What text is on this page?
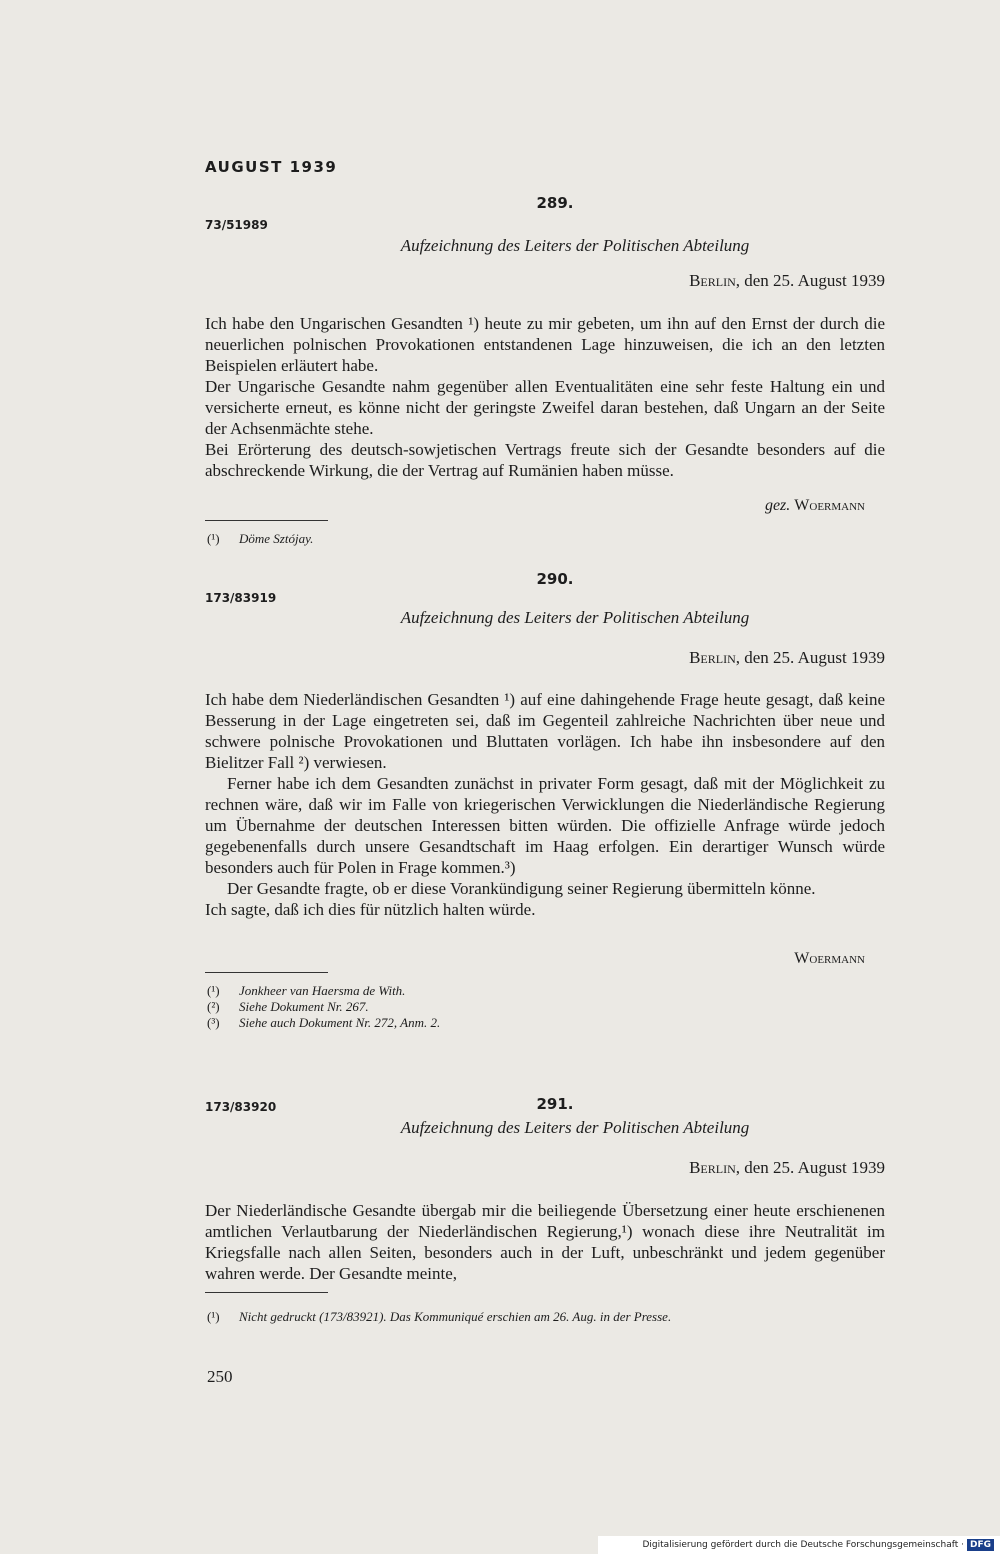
AUGUST 1939
289.
73/51989
Aufzeichnung des Leiters der Politischen Abteilung
Berlin, den 25. August 1939

Ich habe den Ungarischen Gesandten ¹) heute zu mir gebeten, um ihn auf den Ernst der durch die neuerlichen polnischen Provokationen entstandenen Lage hinzuweisen, die ich an den letzten Beispielen erläutert habe.

Der Ungarische Gesandte nahm gegenüber allen Eventualitäten eine sehr feste Haltung ein und versicherte erneut, es könne nicht der geringste Zweifel daran bestehen, daß Ungarn an der Seite der Achsenmächte stehe.

Bei Erörterung des deutsch-sowjetischen Vertrags freute sich der Gesandte besonders auf die abschreckende Wirkung, die der Vertrag auf Rumänien haben müsse.

gez. Woermann
(¹) Döme Sztójay.
290.
173/83919
Aufzeichnung des Leiters der Politischen Abteilung
Berlin, den 25. August 1939

Ich habe dem Niederländischen Gesandten ¹) auf eine dahingehende Frage heute gesagt, daß keine Besserung in der Lage eingetreten sei, daß im Gegenteil zahlreiche Nachrichten über neue und schwere polnische Provokationen und Bluttaten vorlägen. Ich habe ihn insbesondere auf den Bielitzer Fall ²) verwiesen.

Ferner habe ich dem Gesandten zunächst in privater Form gesagt, daß mit der Möglichkeit zu rechnen wäre, daß wir im Falle von kriegerischen Verwicklungen die Niederländische Regierung um Übernahme der deutschen Interessen bitten würden. Die offizielle Anfrage würde jedoch gegebenenfalls durch unsere Gesandtschaft im Haag erfolgen. Ein derartiger Wunsch würde besonders auch für Polen in Frage kommen.³)

Der Gesandte fragte, ob er diese Vorankündigung seiner Regierung übermitteln könne.

Ich sagte, daß ich dies für nützlich halten würde.

Woermann
(¹) Jonkheer van Haersma de With.
(²) Siehe Dokument Nr. 267.
(³) Siehe auch Dokument Nr. 272, Anm. 2.
291.
173/83920
Aufzeichnung des Leiters der Politischen Abteilung
Berlin, den 25. August 1939

Der Niederländische Gesandte übergab mir die beiliegende Übersetzung einer heute erschienenen amtlichen Verlautbarung der Niederländischen Regierung,¹) wonach diese ihre Neutralität im Kriegsfalle nach allen Seiten, besonders auch in der Luft, unbeschränkt und jedem gegenüber wahren werde. Der Gesandte meinte,

(¹) Nicht gedruckt (173/83921). Das Kommuniqué erschien am 26. Aug. in der Presse.
250
Digitalisierung gefördert durch die Deutsche Forschungsgemeinschaft · DFG
